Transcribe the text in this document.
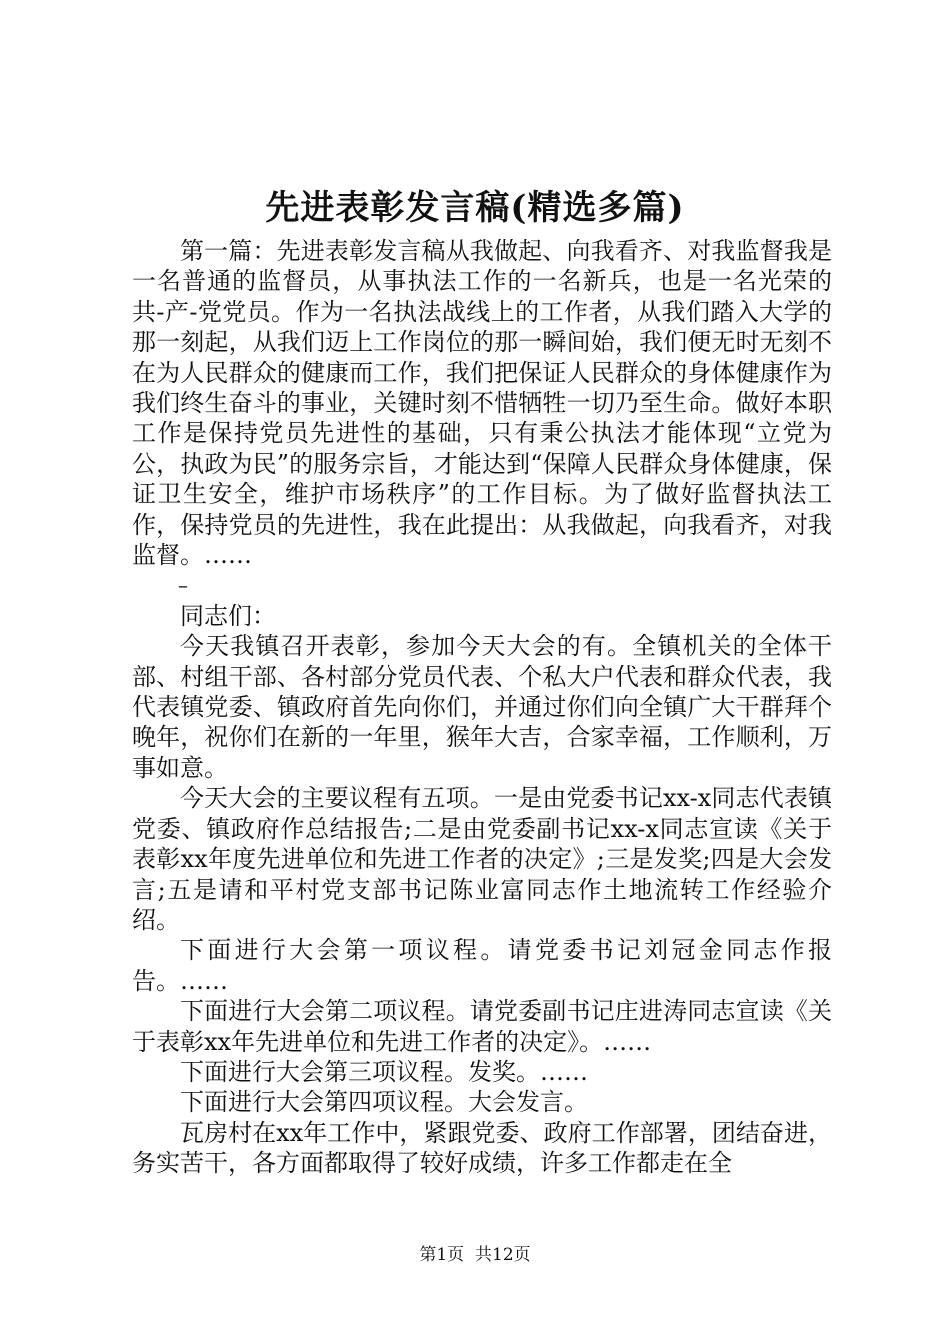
先进表彰发言稿(精选多篇)

第一篇：先进表彰发言稿从我做起、向我看齐、对我监督我是一名普通的监督员，从事执法工作的一名新兵，也是一名光荣的共-产-党党员。作为一名执法战线上的工作者，从我们踏入大学的那一刻起，从我们迈上工作岗位的那一瞬间始，我们便无时无刻不在为人民群众的健康而工作，我们把保证人民群众的身体健康作为我们终生奋斗的事业，关键时刻不惜牺牲一切乃至生命。做好本职工作是保持党员先进性的基础，只有秉公执法才能体现“立党为公，执政为民”的服务宗旨，才能达到“保障人民群众身体健康，保证卫生安全，维护市场秩序”的工作目标。为了做好监督执法工作，保持党员的先进性，我在此提出：从我做起，向我看齐，对我监督。……

–

同志们：

今天我镇召开表彰，参加今天大会的有。全镇机关的全体干部、村组干部、各村部分党员代表、个私大户代表和群众代表，我代表镇党委、镇政府首先向你们，并通过你们向全镇广大干群拜个晚年，祝你们在新的一年里，猴年大吉，合家幸福，工作顺利，万事如意。

今天大会的主要议程有五项。一是由党委书记xx-x同志代表镇党委、镇政府作总结报告;二是由党委副书记xx-x同志宣读《关于表彰xx年度先进单位和先进工作者的决定》;三是发奖;四是大会发言;五是请和平村党支部书记陈业富同志作土地流转工作经验介绍。

下面进行大会第一项议程。请党委书记刘冠金同志作报告。……

下面进行大会第二项议程。请党委副书记庄进涛同志宣读《关于表彰xx年先进单位和先进工作者的决定》。……

下面进行大会第三项议程。发奖。……

下面进行大会第四项议程。大会发言。

瓦房村在xx年工作中，紧跟党委、政府工作部署，团结奋进，务实苦干，各方面都取得了较好成绩，许多工作都走在全

第1页 共12页
